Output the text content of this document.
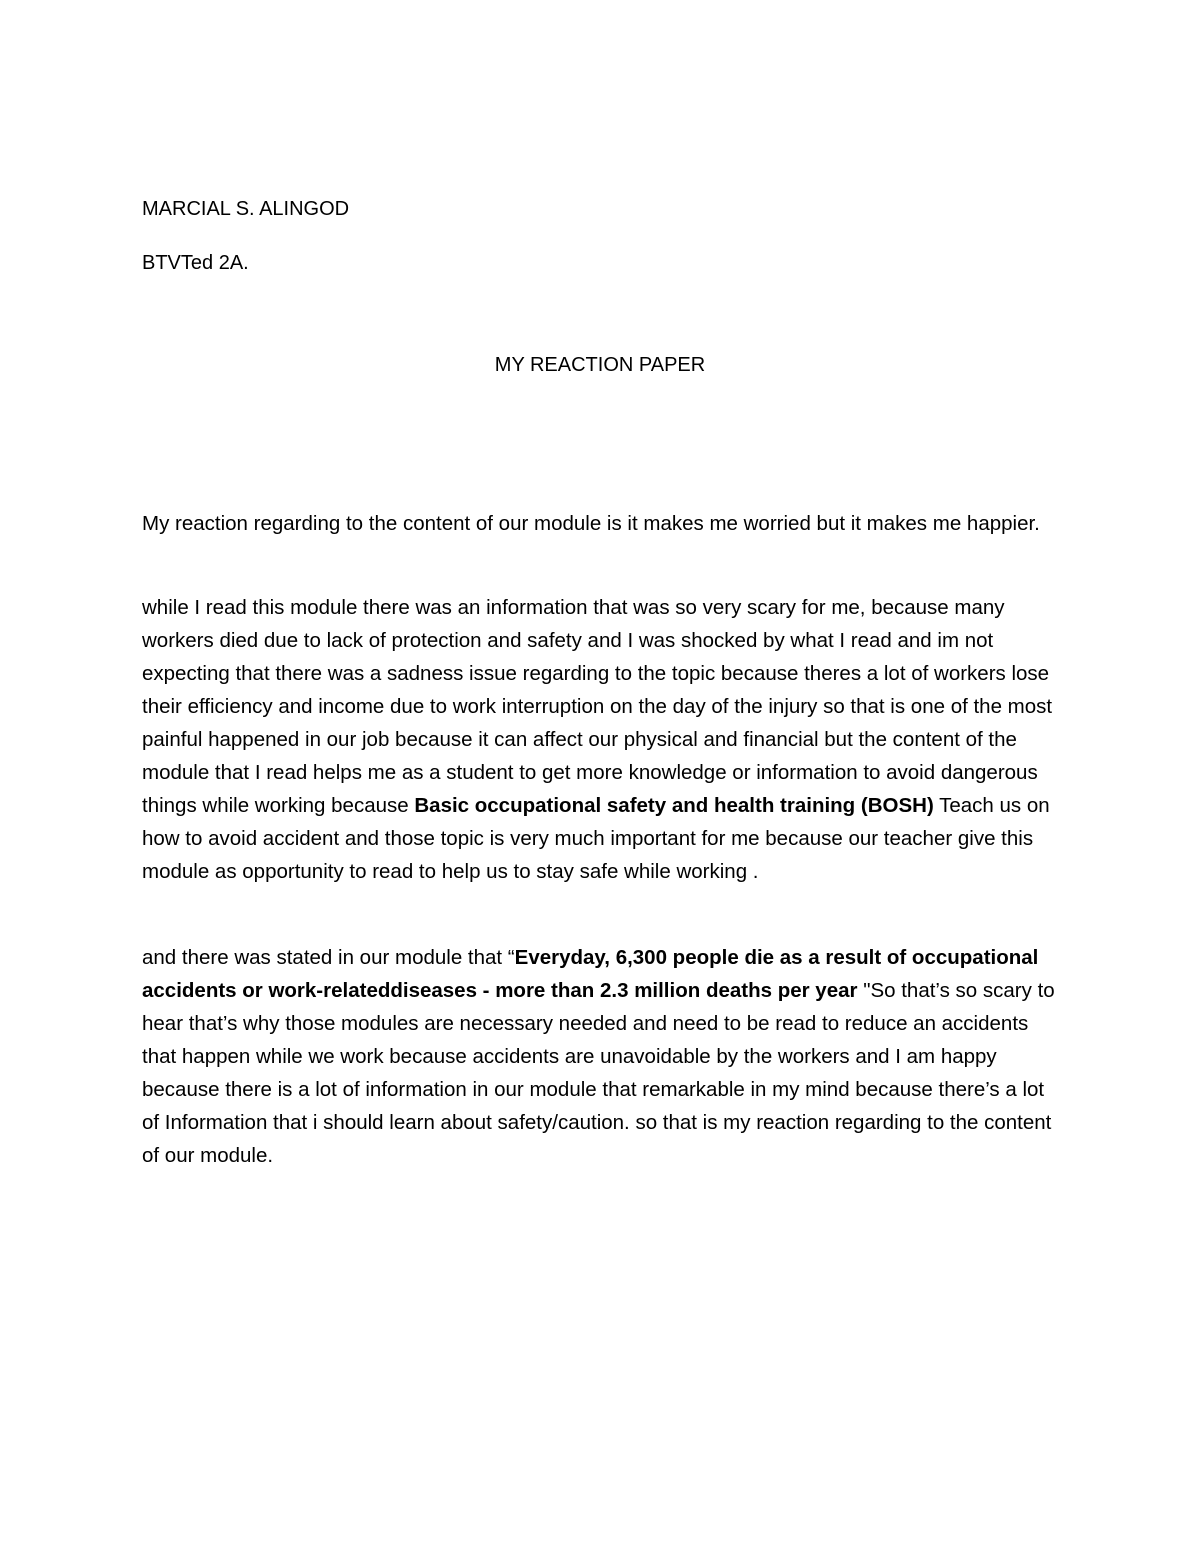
MARCIAL S. ALINGOD

BTVTed 2A.

MY REACTION PAPER

My reaction regarding to the content of our module is it makes me worried but it makes me happier.

while I read this module there was an information that was so very scary for me, because many workers died due to lack of protection and safety and I was shocked by what I read and im not expecting that there was a sadness issue regarding to the topic because theres a lot of workers lose their efficiency and income due to work interruption on the day of the injury so that is one of the most painful happened in our job because it can affect our physical and financial but the content of the module that I read helps me as a student to get more knowledge or information to avoid dangerous things while working because Basic occupational safety and health training (BOSH) Teach us on how to avoid accident and those topic is very much important for me because our teacher give this module as opportunity to read to help us to stay safe while working .

and there was stated in our module that “Everyday, 6,300 people die as a result of occupational accidents or work-relateddiseases - more than 2.3 million deaths per year "So that’s so scary to hear that’s why those modules are necessary needed and need to be read to reduce an accidents that happen while we work because accidents are unavoidable by the workers and I am happy because there is a lot of information in our module that remarkable in my mind because there’s a lot of Information that i should learn about safety/caution. so that is my reaction regarding to the content of our module.
